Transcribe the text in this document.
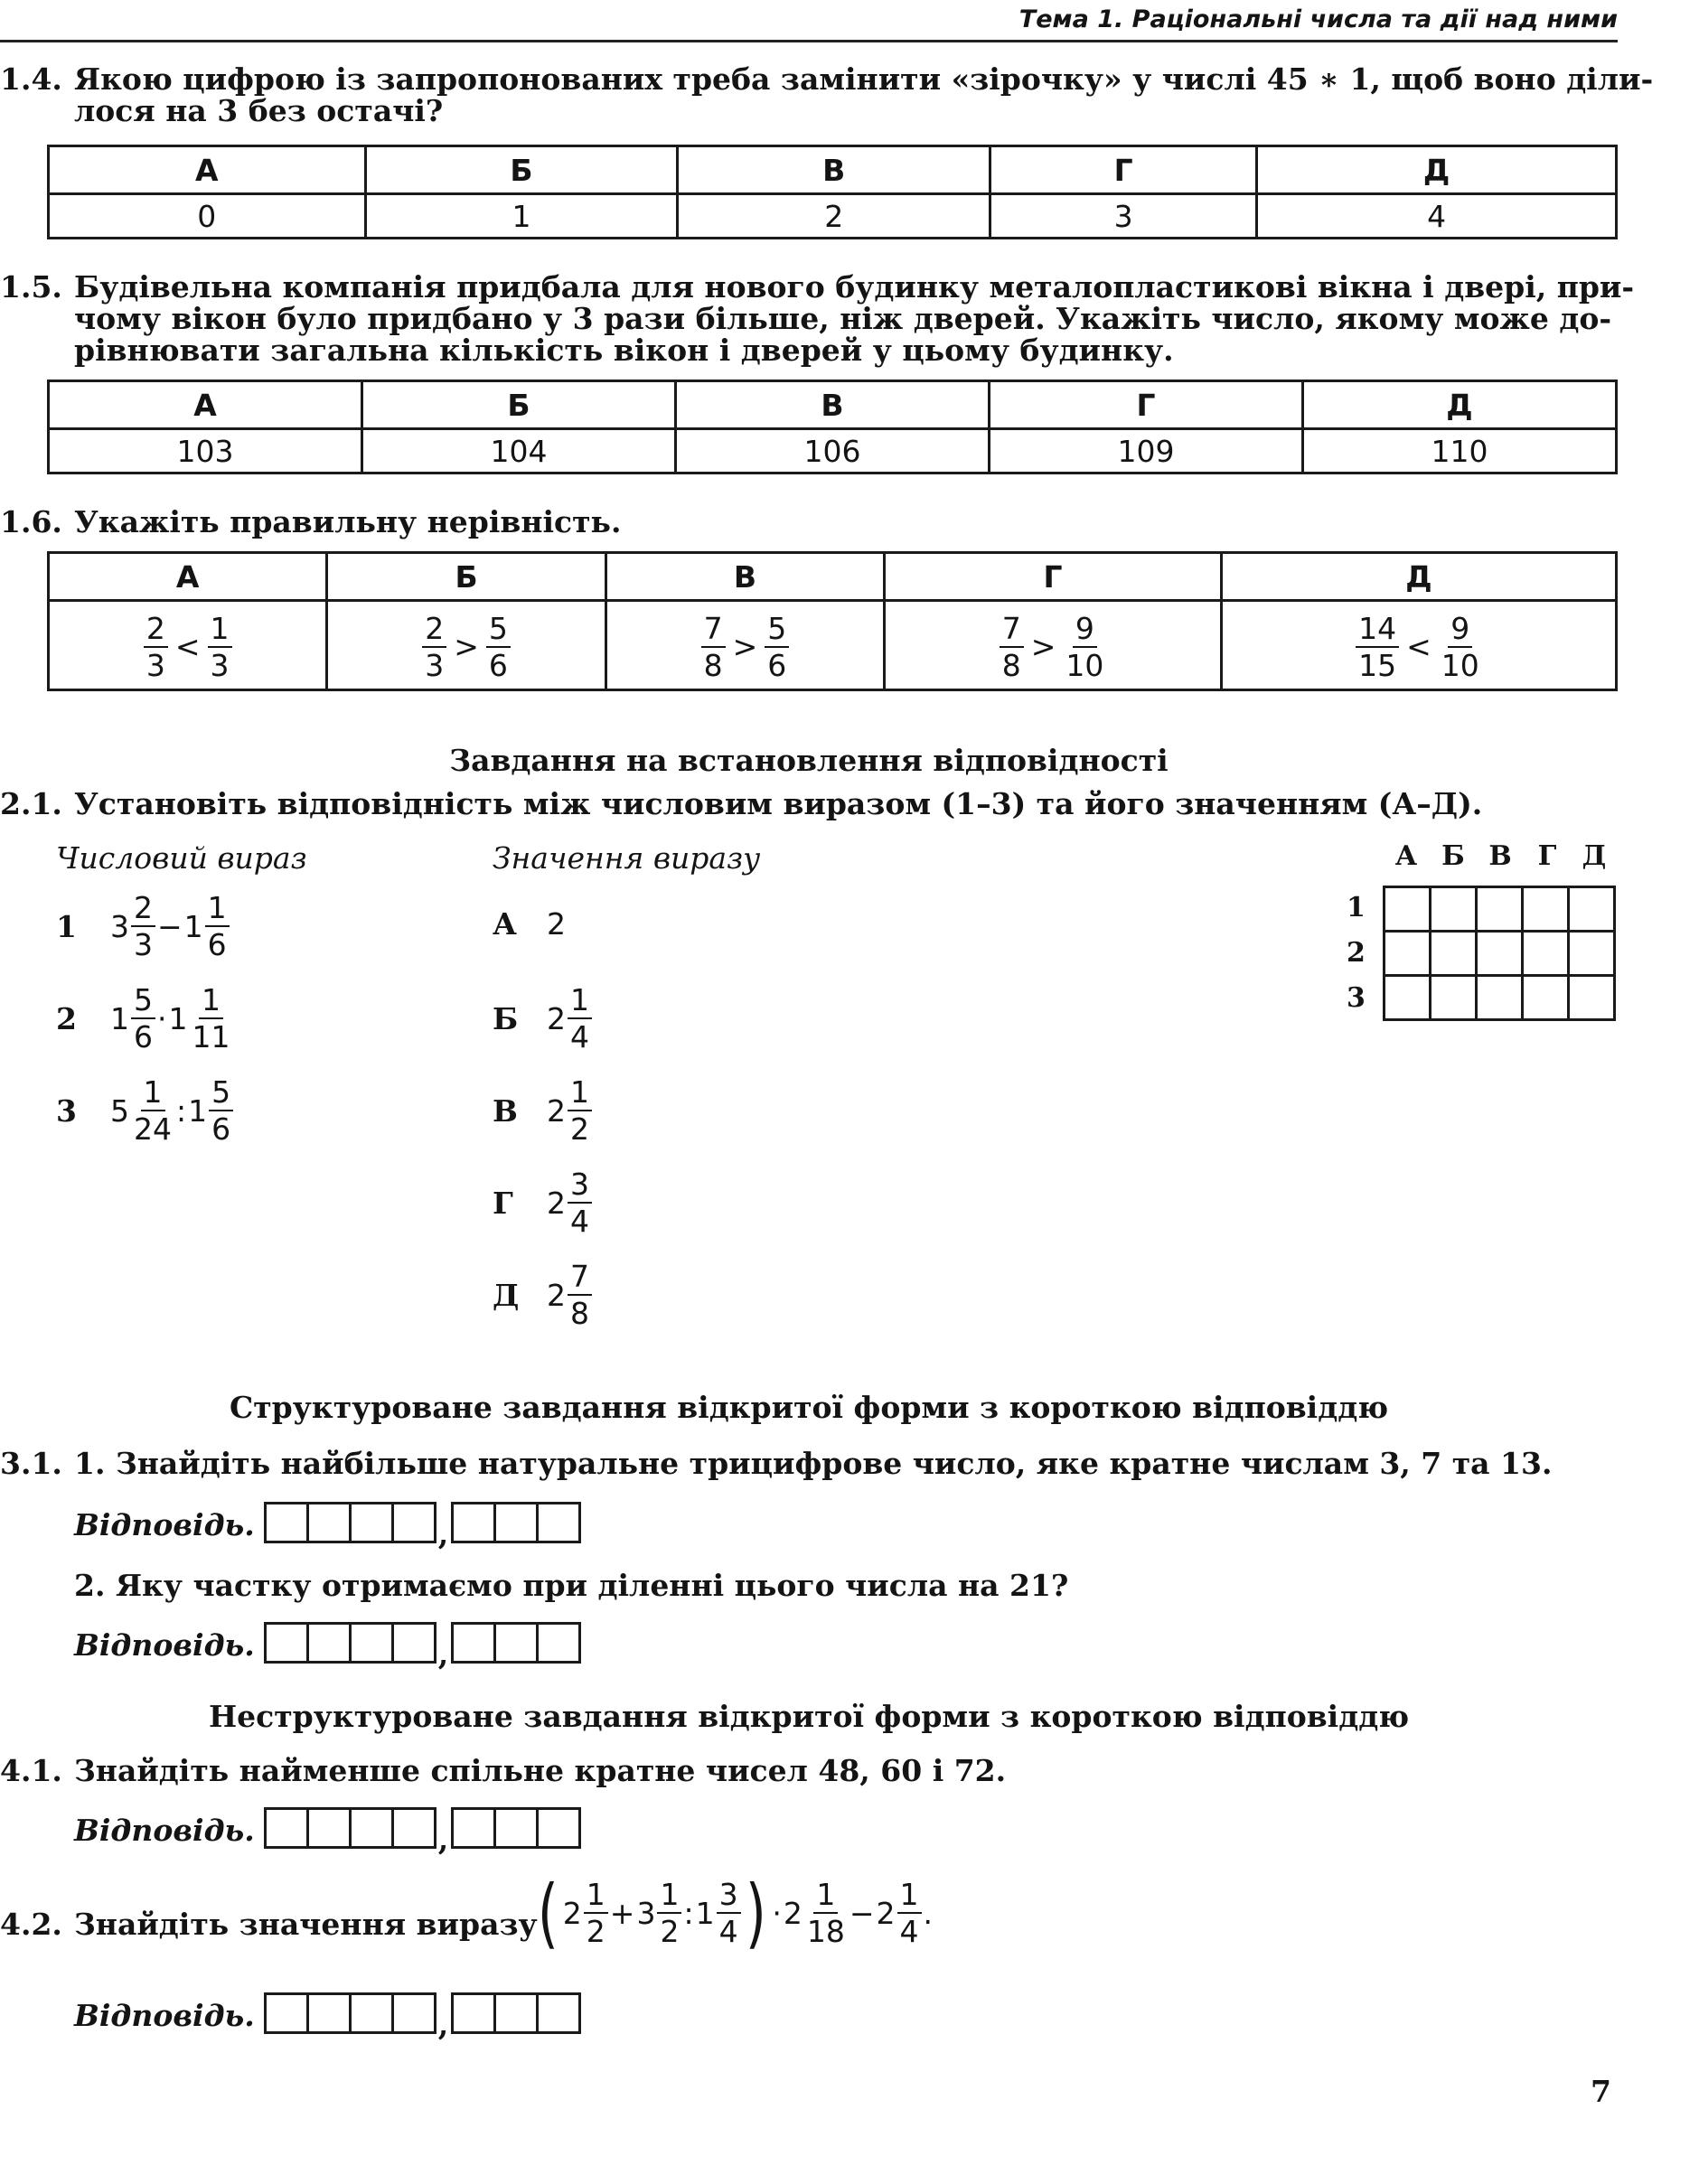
Тема 1. Раціональні числа та дії над ними
1.4. Якою цифрою із запропонованих треба замінити «зірочку» у числі 45 ∗ 1, щоб воно діли-
лося на 3 без остачі?
А	Б	В	Г	Д
0	1	2	3	4
1.5. Будівельна компанія придбала для нового будинку металопластикові вікна і двері, при-
чому вікон було придбано у 3 рази більше, ніж дверей. Укажіть число, якому може до-
рівнювати загальна кількість вікон і дверей у цьому будинку.
А	Б	В	Г	Д
103	104	106	109	110
1.6. Укажіть правильну нерівність.
А	Б	В	Г	Д

$\frac{2}{3} < \frac{1}{3}$	$\frac{2}{3} > \frac{5}{6}$	$\frac{7}{8} > \frac{5}{6}$	$\frac{7}{8} > \frac{9}{10}$	$\frac{14}{15} < \frac{9}{10}$
Завдання на встановлення відповідності
2.1. Установіть відповідність між числовим виразом (1–3) та його значенням (А–Д).
Числовий вираз	Значення виразу
1	$3 \frac{2}{3} - 1 \frac{1}{6}$
2	$1 \frac{5}{6} \cdot 1 \frac{1}{11}$
3	$5 \frac{1}{24}$ : $1 \frac{5}{6}$
А	2
Б $2 \frac{1}{4}$
В $2 \frac{1}{2}$
Г	$2 \frac{3}{4}$
Д $2 \frac{7}{8}$
А Б В Г Д
1
2
3

Структуроване завдання відкритої форми з короткою відповіддю
3.1. 1. Знайдіть найбільше натуральне трицифрове число, яке кратне числам 3, 7 та 13.
Відповідь.	,
2. Яку частку отримаємо при діленні цього числа на 21?
Відповідь.	,
Неструктуроване завдання відкритої форми з короткою відповіддю
4.1. Знайдіть найменше спільне кратне чисел 48, 60 і 72.
Відповідь.	,
4.2. Знайдіть значення виразу ( $2 \frac{1}{2} + 3 \frac{1}{2}$ : $1 \frac{3}{4}$ ) · $2 \frac{1}{18} - 2 \frac{1}{4}$ .
Відповідь.	,
7
